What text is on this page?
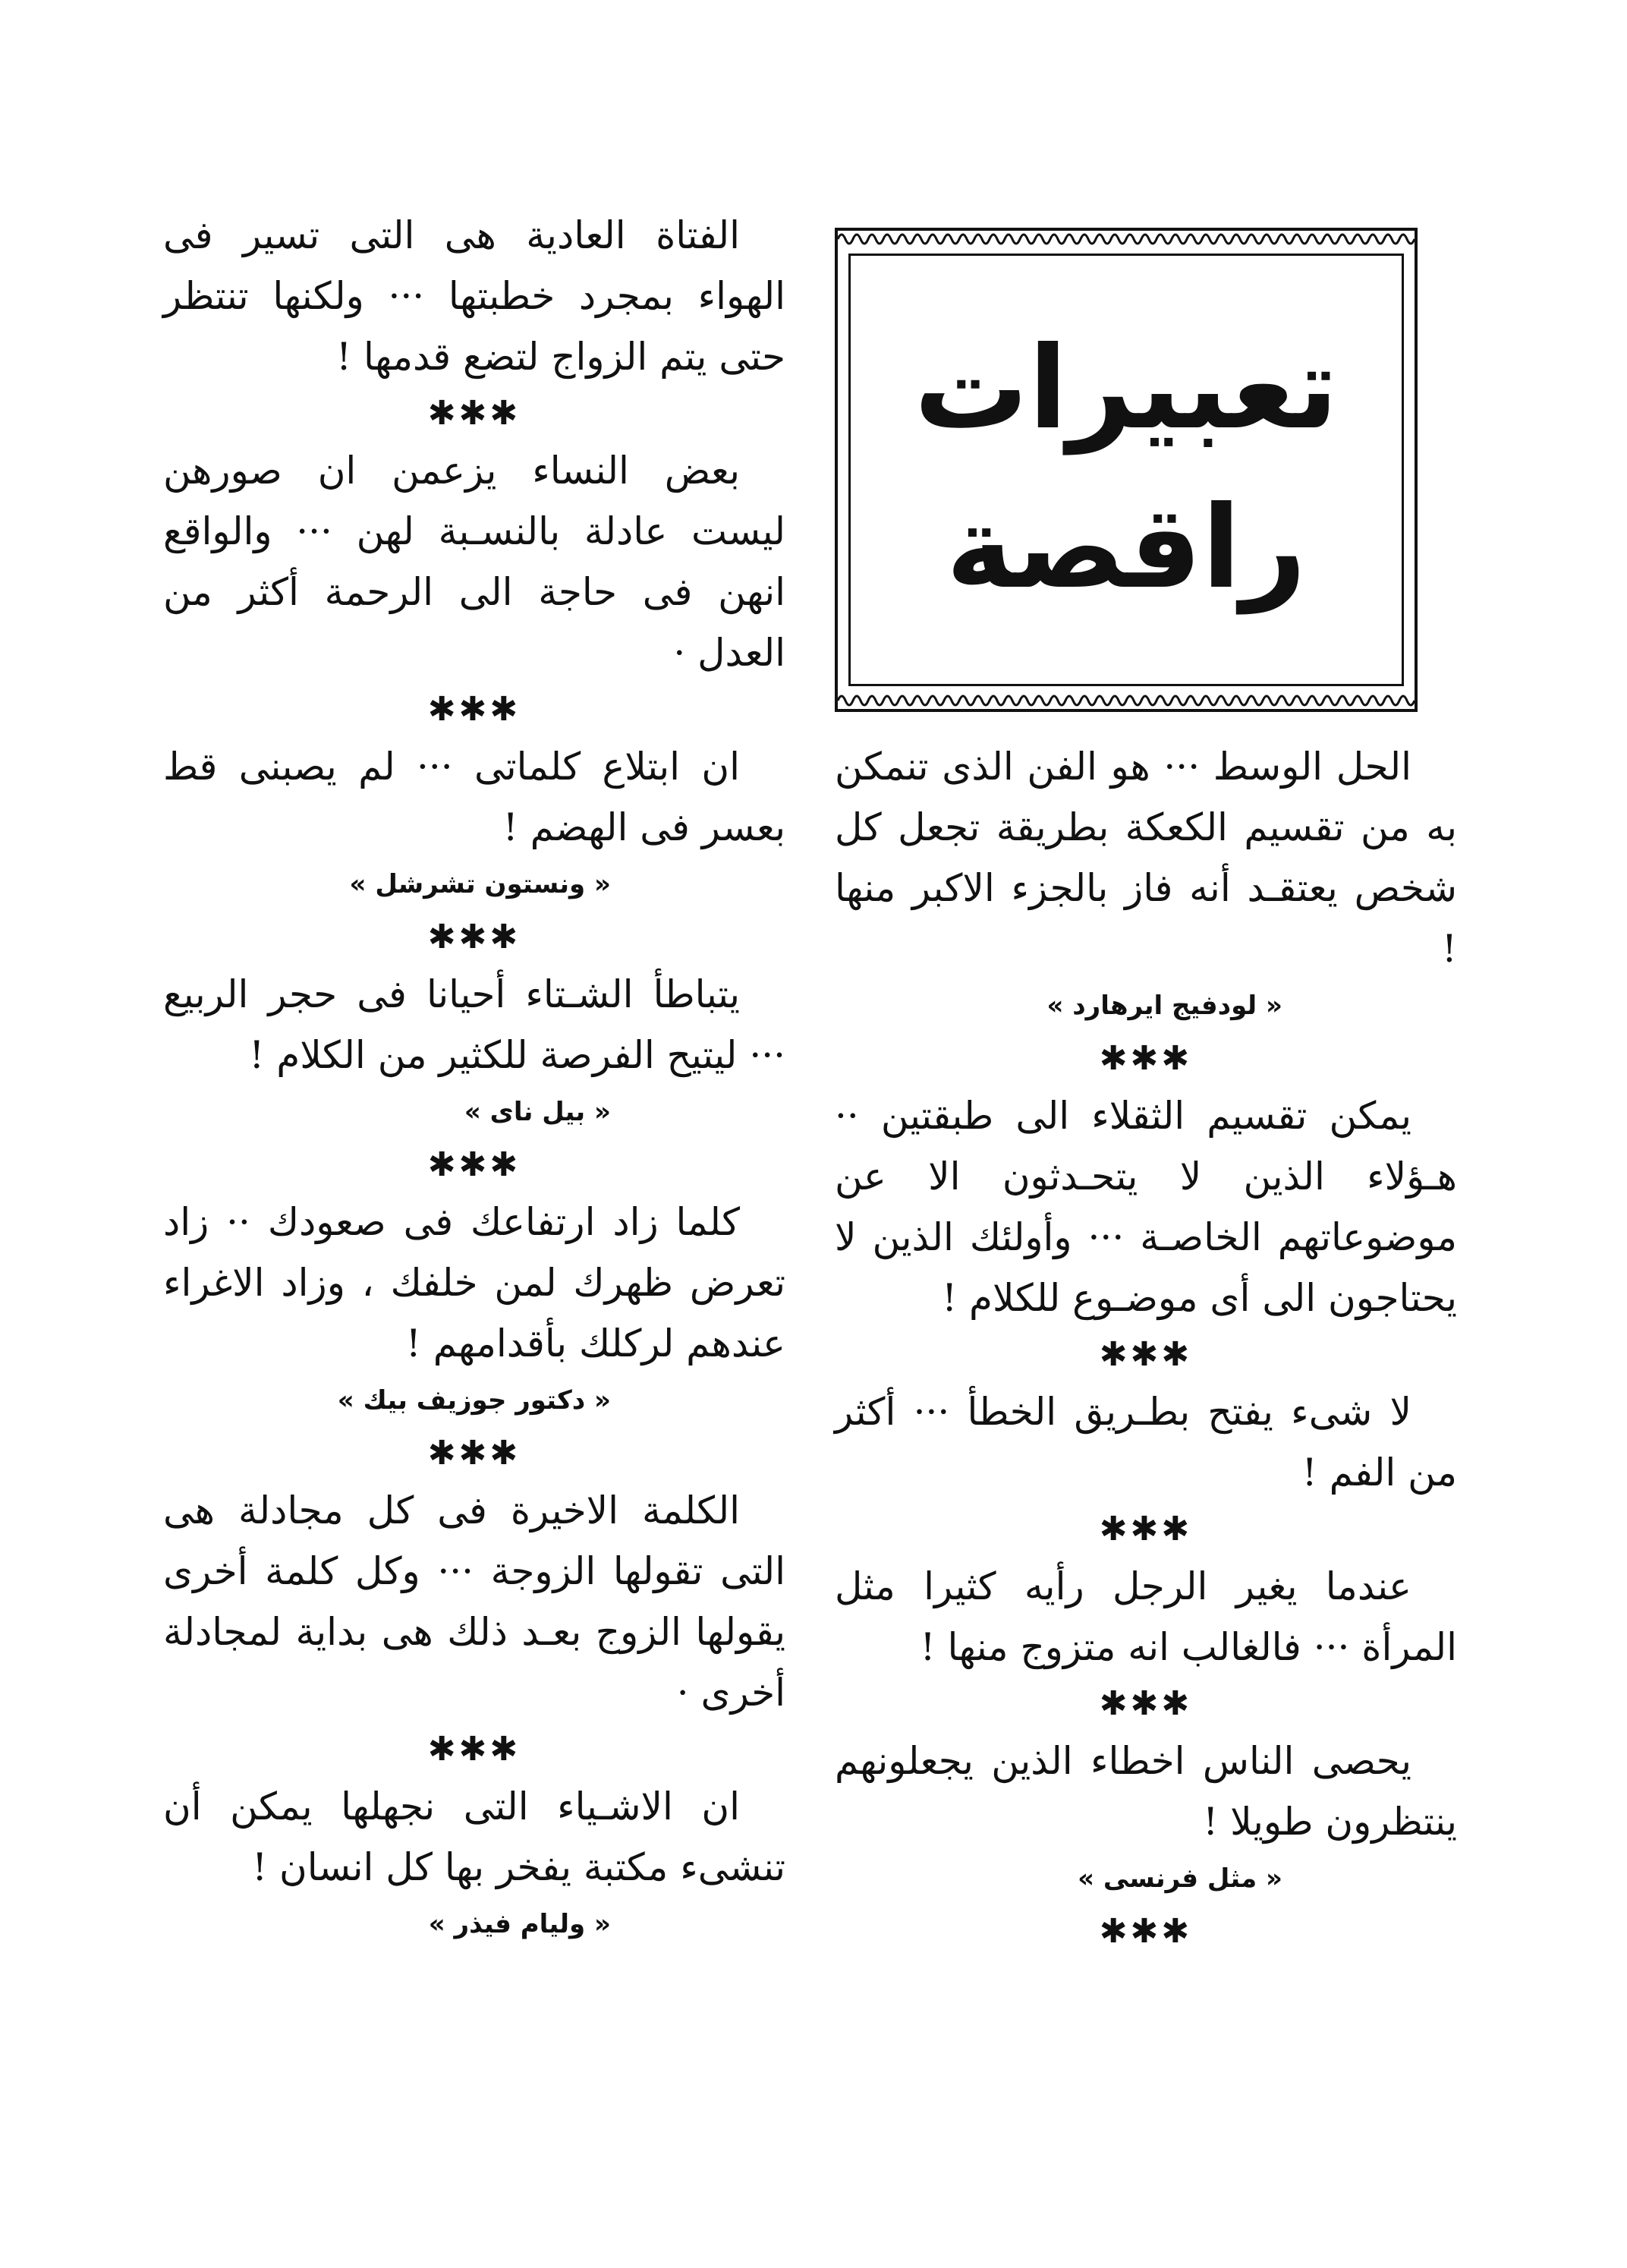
تعبيرات
راقصة

الحل الوسط ··· هو الفن الذى تنمكن به من تقسيم الكعكة بطريقة تجعل كل شخص يعتقـد أنه فاز بالجزء الاكبر منها !

« لودفيج ايرهارد »

✱✱✱

يمكن تقسيم الثقلاء الى طبقتين ·· هـؤلاء الذين لا يتحـدثون الا عن موضوعاتهم الخاصـة ··· وأولئك الذين لا يحتاجون الى أى موضـوع للكلام !

✱✱✱

لا شىء يفتح بطـريق الخطأ ··· أكثر من الفم !

✱✱✱

عندما يغير الرجل رأيه كثيرا مثل المرأة ··· فالغالب انه متزوج منها !

✱✱✱

يحصى الناس اخطاء الذين يجعلونهم ينتظرون طويلا !

« مثل فرنسى »

✱✱✱

الفتاة العادية هى التى تسير فى الهواء بمجرد خطبتها ··· ولكنها تنتظر حتى يتم الزواج لتضع قدمها !

✱✱✱

بعض النساء يزعمن ان صورهن ليست عادلة بالنسـبة لهن ··· والواقع انهن فى حاجة الى الرحمة أكثر من العدل ·

✱✱✱

ان ابتلاع كلماتى ··· لم يصبنى قط بعسر فى الهضم !

« ونستون تشرشل »

✱✱✱

يتباطأ الشـتاء أحيانا فى حجر الربيع ··· ليتيح الفرصة للكثير من الكلام !

« بيل ناى »

✱✱✱

كلما زاد ارتفاعك فى صعودك ·· زاد تعرض ظهرك لمن خلفك ، وزاد الاغراء عندهم لركلك بأقدامهم !

« دكتور جوزيف بيك »

✱✱✱

الكلمة الاخيرة فى كل مجادلة هى التى تقولها الزوجة ··· وكل كلمة أخرى يقولها الزوج بعـد ذلك هى بداية لمجادلة أخرى ·

✱✱✱

ان الاشـياء التى نجهلها يمكن أن تنشىء مكتبة يفخر بها كل انسان !

« وليام فيذر »
